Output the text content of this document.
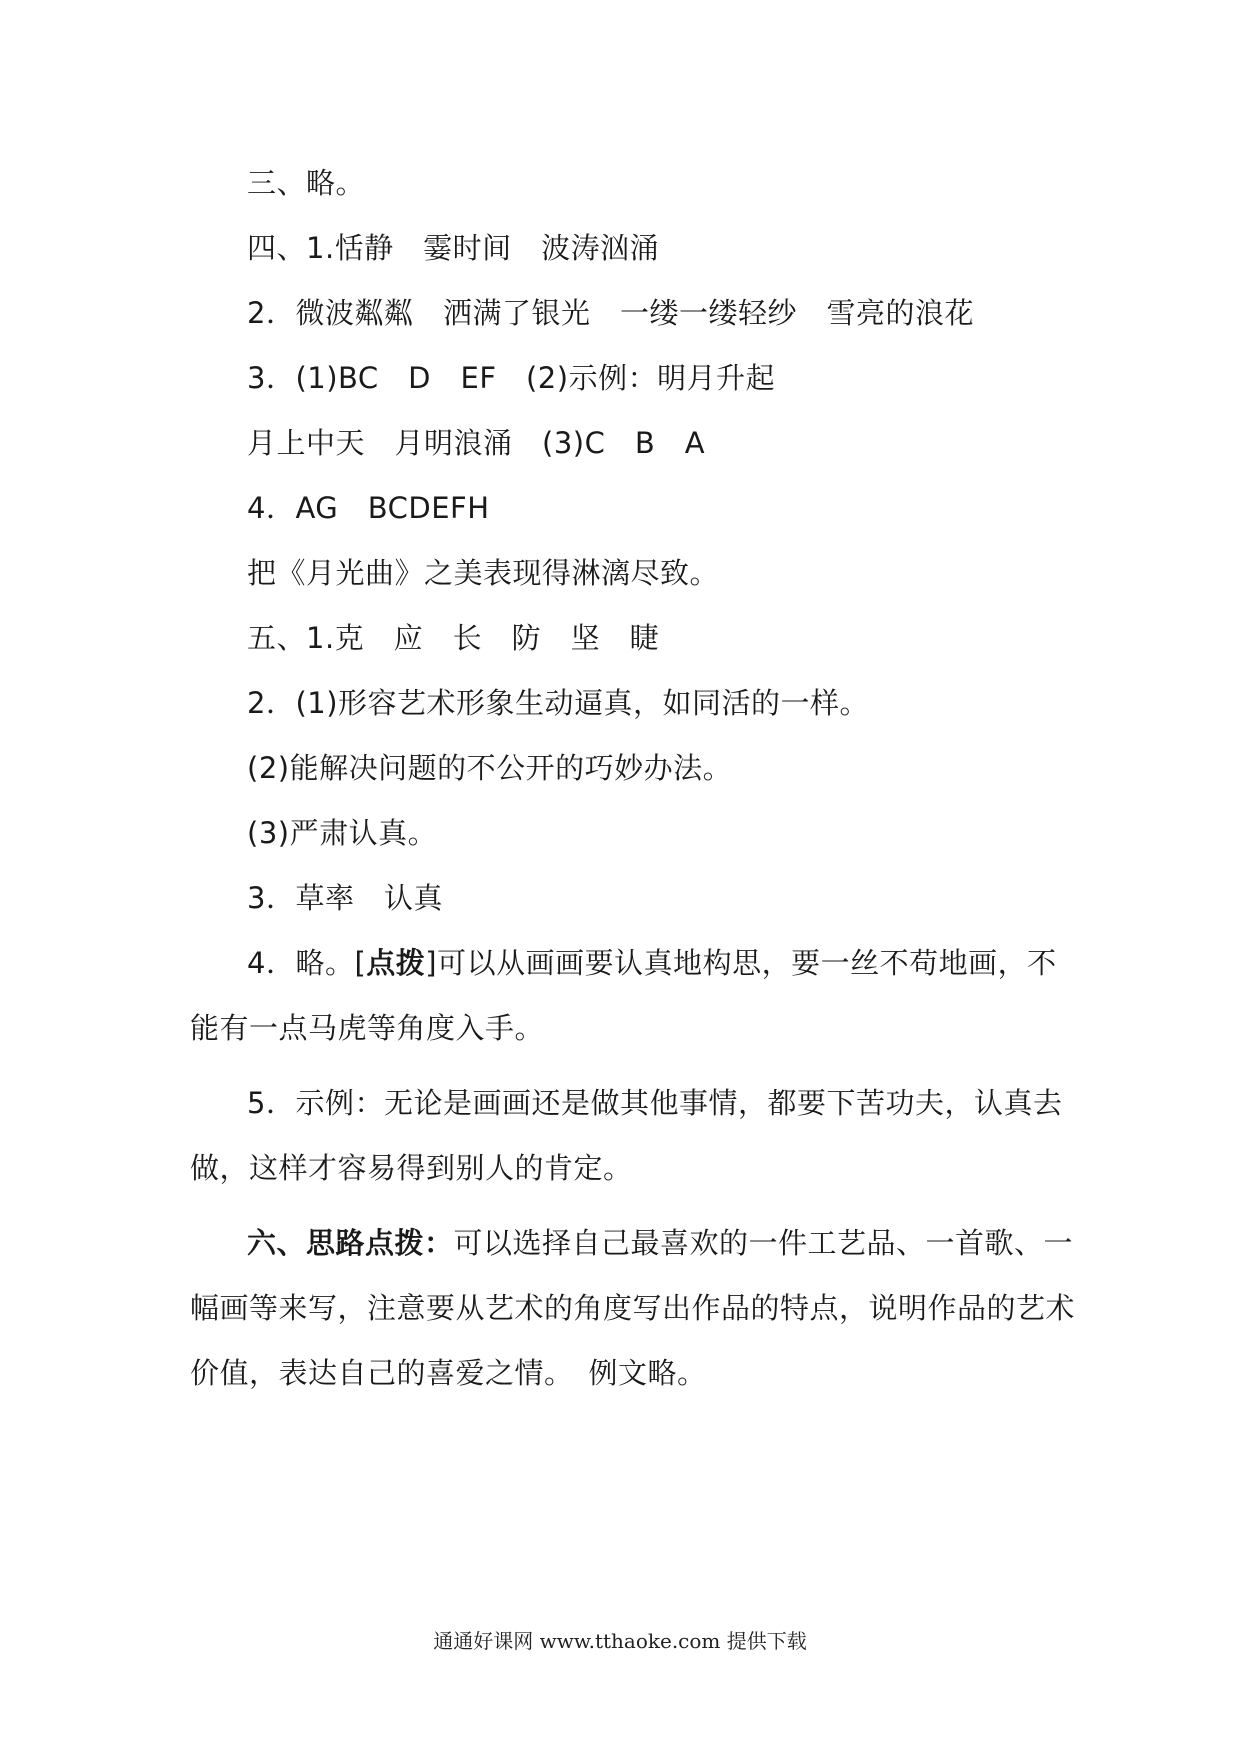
三、略。
四、1.恬静　霎时间　波涛汹涌
2．微波粼粼　洒满了银光　一缕一缕轻纱　雪亮的浪花
3．(1)BC　D　EF　(2)示例：明月升起
月上中天　月明浪涌　(3)C　B　A
4．AG　BCDEFH
把《月光曲》之美表现得淋漓尽致。
五、1.克　应　长　防　坚　睫
2．(1)形容艺术形象生动逼真，如同活的一样。
(2)能解决问题的不公开的巧妙办法。
(3)严肃认真。
3．草率　认真
4．略。[点拨]可以从画画要认真地构思，要一丝不苟地画，不
能有一点马虎等角度入手。
5．示例：无论是画画还是做其他事情，都要下苦功夫，认真去
做，这样才容易得到别人的肯定。
六、思路点拨：可以选择自己最喜欢的一件工艺品、一首歌、一
幅画等来写，注意要从艺术的角度写出作品的特点，说明作品的艺术
价值，表达自己的喜爱之情。　例文略。
通通好课网 www.tthaoke.com 提供下载
